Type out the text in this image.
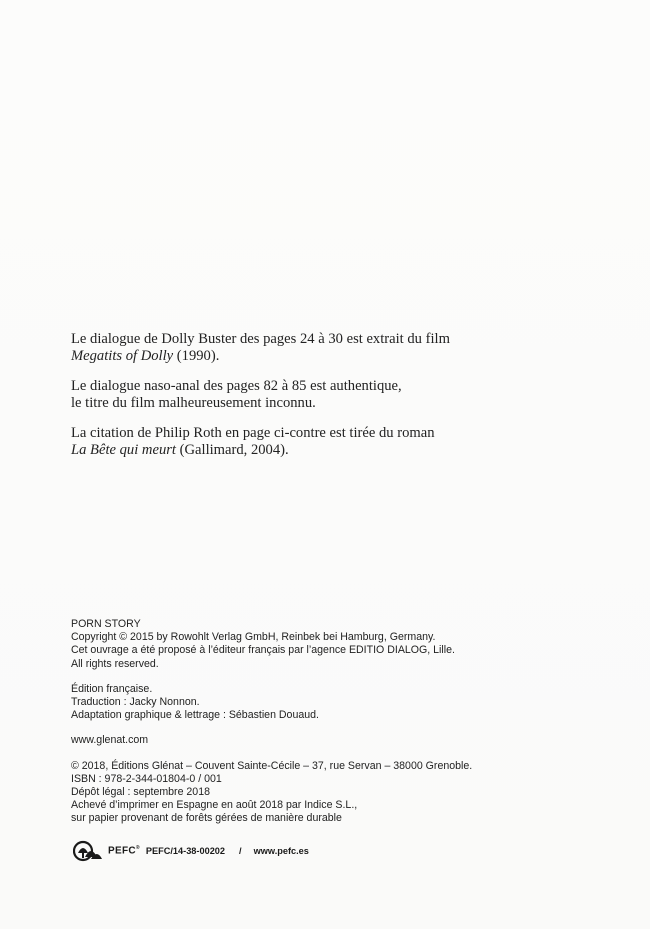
Le dialogue de Dolly Buster des pages 24 à 30 est extrait du film
Megatits of Dolly (1990).

Le dialogue naso-anal des pages 82 à 85 est authentique,
le titre du film malheureusement inconnu.

La citation de Philip Roth en page ci-contre est tirée du roman
La Bête qui meurt (Gallimard, 2004).

PORN STORY
Copyright © 2015 by Rowohlt Verlag GmbH, Reinbek bei Hamburg, Germany.
Cet ouvrage a été proposé à l’éditeur français par l’agence EDITIO DIALOG, Lille.
All rights reserved.
Édition française.
Traduction : Jacky Nonnon.
Adaptation graphique & lettrage : Sébastien Douaud.
www.glenat.com
© 2018, Éditions Glénat – Couvent Sainte-Cécile – 37, rue Servan – 38000 Grenoble.
ISBN : 978-2-344-01804-0 / 001
Dépôt légal : septembre 2018
Achevé d’imprimer en Espagne en août 2018 par Indice S.L.,
sur papier provenant de forêts gérées de manière durable
PEFC® PEFC/14-38-00202 / www.pefc.es
